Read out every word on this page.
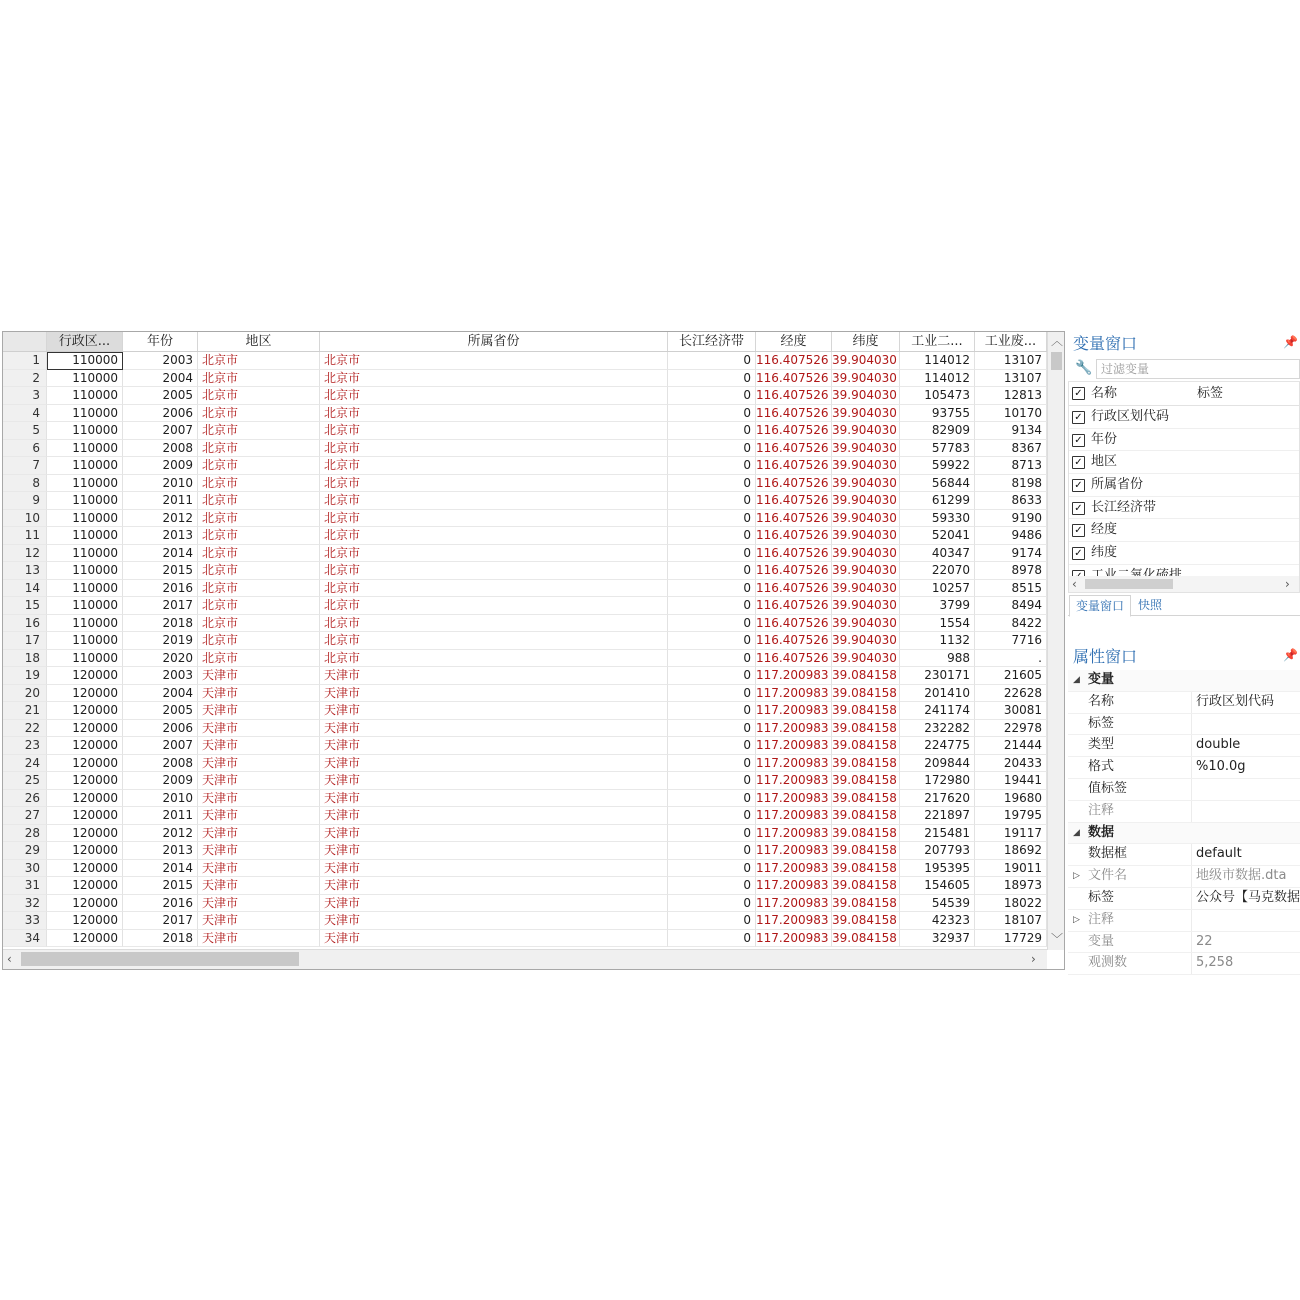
行政区...	年份	地区	所属省份	长江经济带	经度	纬度	工业二...	工业废...
1	110000	2003 北京市	北京市	0 116.407526 39.904030	114012	13107
2	110000	2004 北京市	北京市	0 116.407526 39.904030	114012	13107
3	110000	2005 北京市	北京市	0 116.407526 39.904030	105473	12813
4	110000	2006 北京市	北京市	0 116.407526 39.904030	93755	10170
5	110000	2007 北京市	北京市	0 116.407526 39.904030	82909	9134
6	110000	2008 北京市	北京市	0 116.407526 39.904030	57783	8367
7	110000	2009 北京市	北京市	0 116.407526 39.904030	59922	8713
8	110000	2010 北京市	北京市	0 116.407526 39.904030	56844	8198
9	110000	2011 北京市	北京市	0 116.407526 39.904030	61299	8633
10	110000	2012 北京市	北京市	0 116.407526 39.904030	59330	9190
11	110000	2013 北京市	北京市	0 116.407526 39.904030	52041	9486
12	110000	2014 北京市	北京市	0 116.407526 39.904030	40347	9174
13	110000	2015 北京市	北京市	0 116.407526 39.904030	22070	8978
14	110000	2016 北京市	北京市	0 116.407526 39.904030	10257	8515
15	110000	2017 北京市	北京市	0 116.407526 39.904030	3799	8494
16	110000	2018 北京市	北京市	0 116.407526 39.904030	1554	8422
17	110000	2019 北京市	北京市	0 116.407526 39.904030	1132	7716
18	110000	2020 北京市	北京市	0 116.407526 39.904030	988	.
19	120000	2003 天津市	天津市	0 117.200983 39.084158	230171	21605
20	120000	2004 天津市	天津市	0 117.200983 39.084158	201410	22628
21	120000	2005 天津市	天津市	0 117.200983 39.084158	241174	30081
22	120000	2006 天津市	天津市	0 117.200983 39.084158	232282	22978
23	120000	2007 天津市	天津市	0 117.200983 39.084158	224775	21444
24	120000	2008 天津市	天津市	0 117.200983 39.084158	209844	20433
25	120000	2009 天津市	天津市	0 117.200983 39.084158	172980	19441
26	120000	2010 天津市	天津市	0 117.200983 39.084158	217620	19680
27	120000	2011 天津市	天津市	0 117.200983 39.084158	221897	19795
28	120000	2012 天津市	天津市	0 117.200983 39.084158	215481	19117
29	120000	2013 天津市	天津市	0 117.200983 39.084158	207793	18692
30	120000	2014 天津市	天津市	0 117.200983 39.084158	195395	19011
31	120000	2015 天津市	天津市	0 117.200983 39.084158	154605	18973
32	120000	2016 天津市	天津市	0 117.200983 39.084158	54539	18022
33	120000	2017 天津市	天津市	0 117.200983 39.084158	42323	18107
34	120000	2018 天津市	天津市	0 117.200983 39.084158	32937	17729
︿
﹀
‹	›
变量窗口	📌
🔧 过滤变量
✓ 名称	标签
✓ 行政区划代码
✓ 年份
✓ 地区
✓ 所属省份
✓ 长江经济带
✓ 经度
✓ 纬度
‹	›
变量窗口	快照
属性窗口	📌
◢ 变量
名称	行政区划代码
标签
类型	double
格式	%10.0g
值标签
注释
◢ 数据
数据框	default
▷ 文件名	地级市数据.dta
标签	公众号【马克数据
▷ 注释
变量	22
观测数	5,258
